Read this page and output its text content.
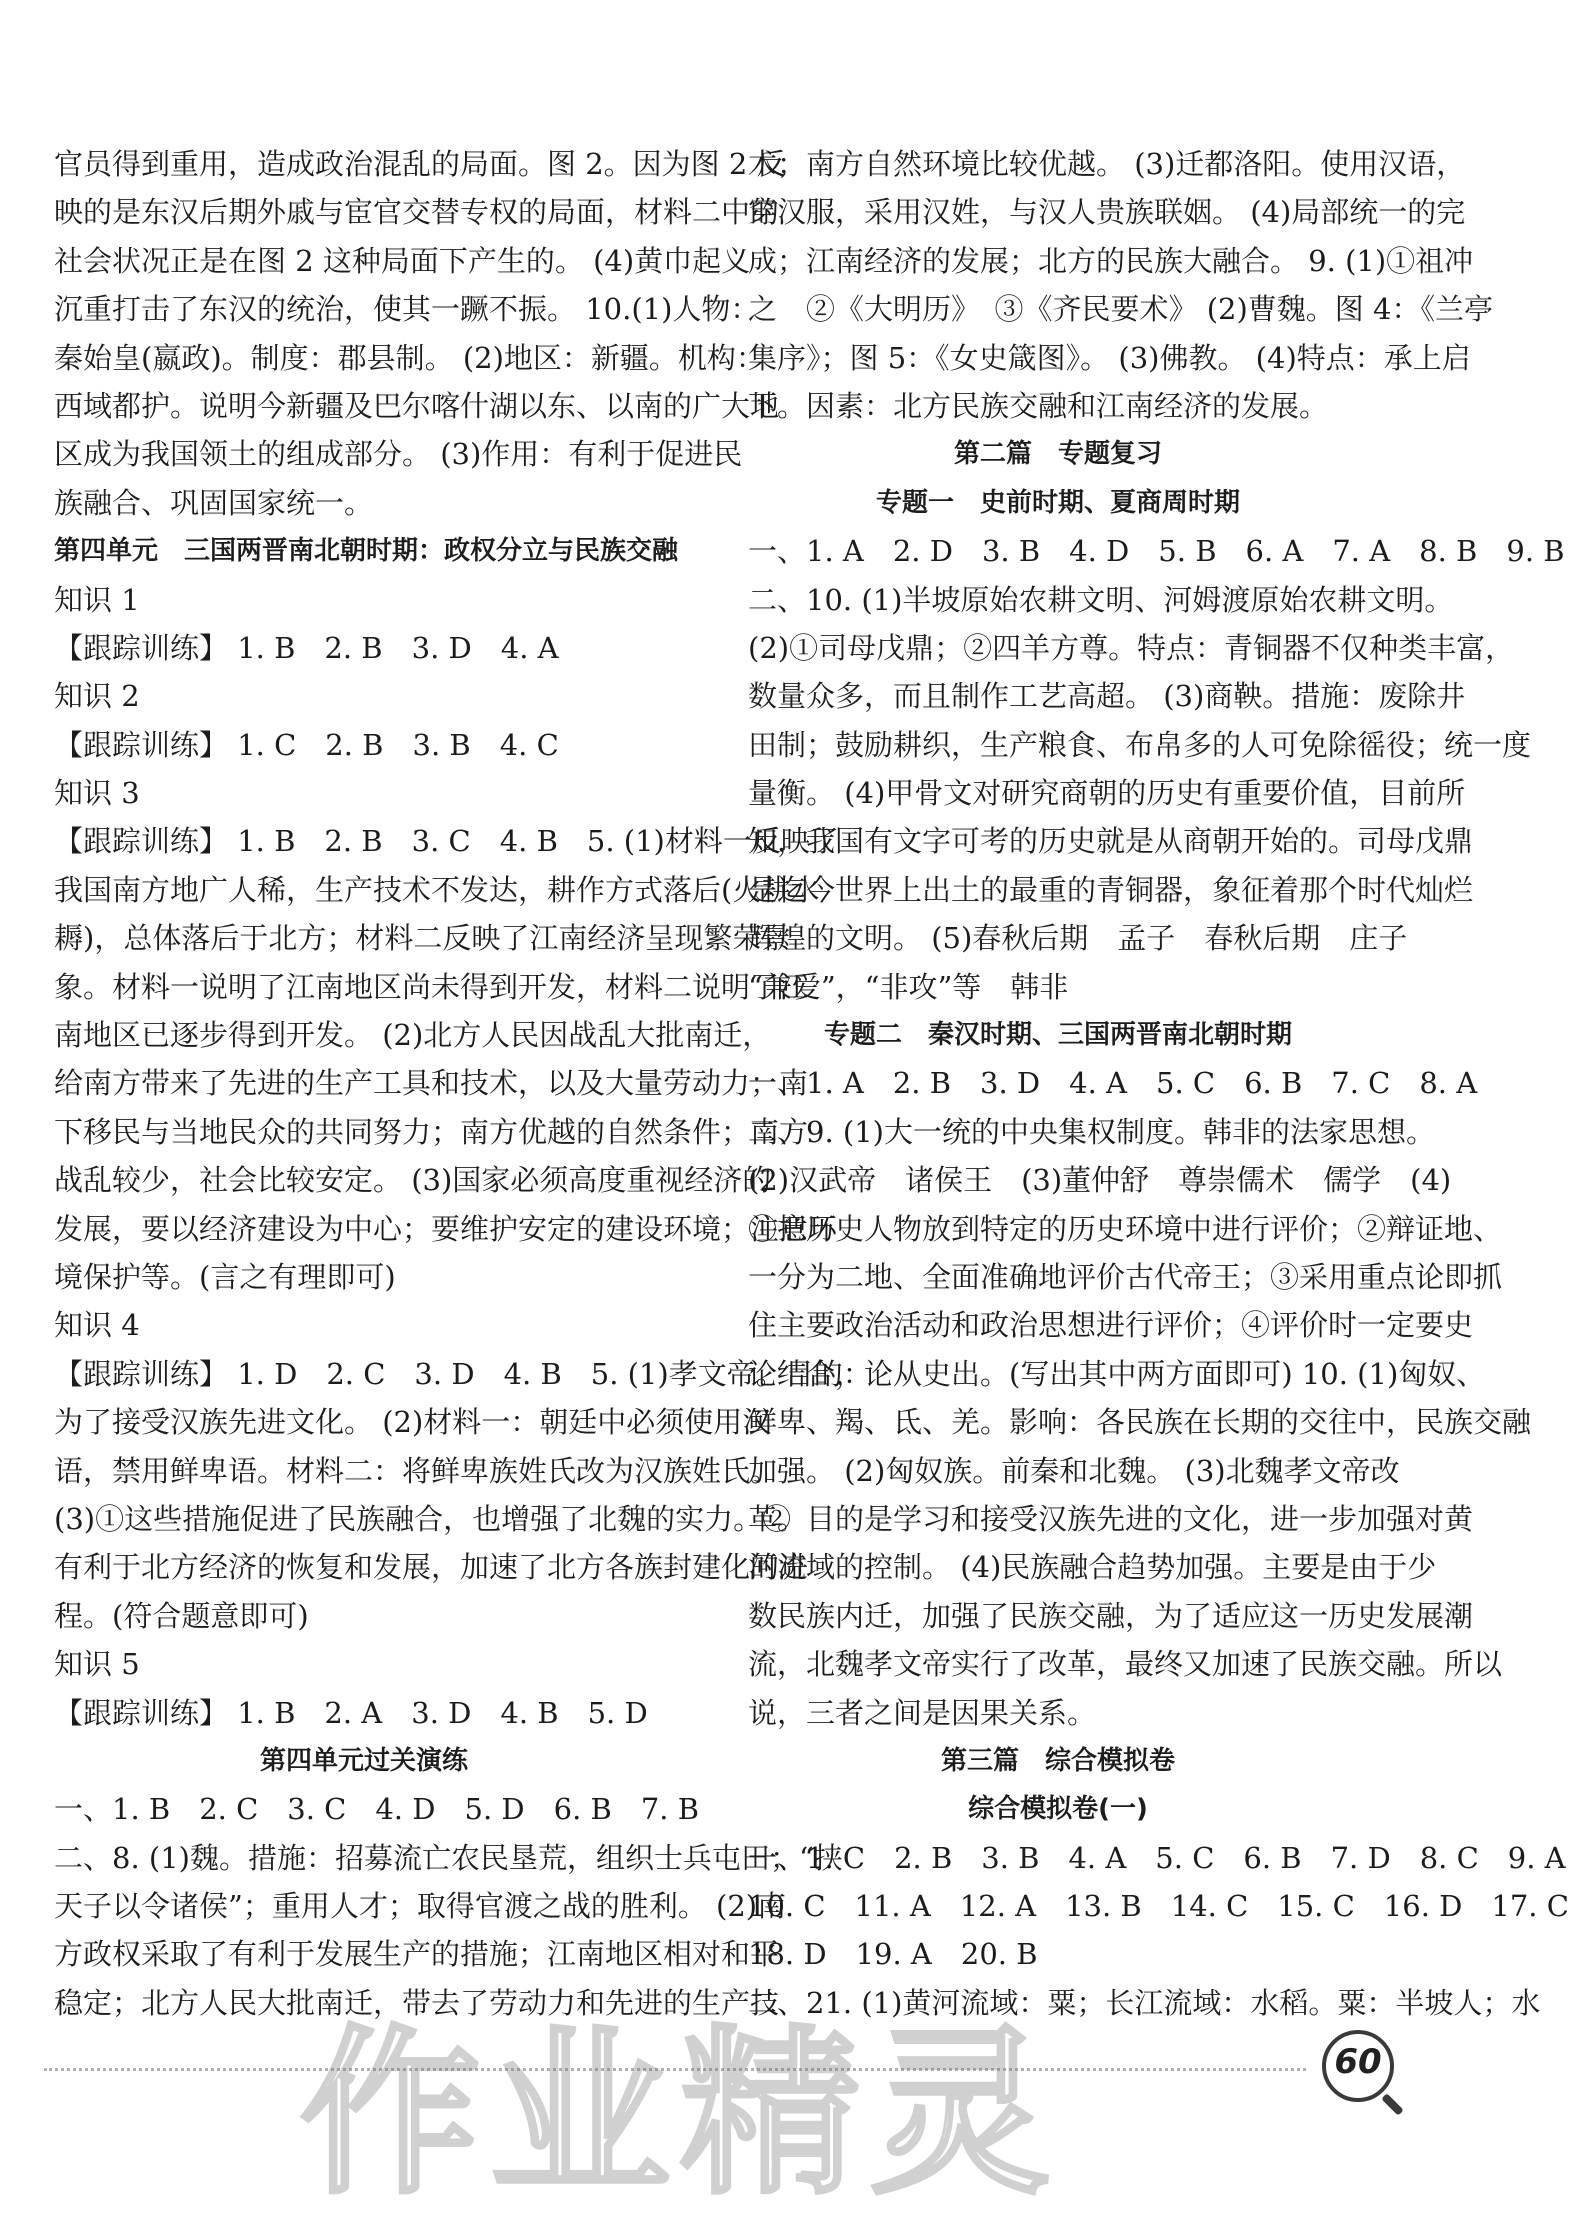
官员得到重用，造成政治混乱的局面。图 2。因为图 2 反
映的是东汉后期外戚与宦官交替专权的局面，材料二中的
社会状况正是在图 2 这种局面下产生的。 (4)黄巾起义
沉重打击了东汉的统治，使其一蹶不振。 10.(1)人物：
秦始皇(嬴政)。制度：郡县制。 (2)地区：新疆。机构：
西域都护。说明今新疆及巴尔喀什湖以东、以南的广大地
区成为我国领土的组成部分。 (3)作用：有利于促进民
族融合、巩固国家统一。
第四单元　三国两晋南北朝时期：政权分立与民族交融
知识 1
【跟踪训练】 1. B　2. B　3. D　4. A
知识 2
【跟踪训练】 1. C　2. B　3. B　4. C
知识 3
【跟踪训练】 1. B　2. B　3. C　4. B　5. (1)材料一反映了
我国南方地广人稀，生产技术不发达，耕作方式落后(火耕水
耨)，总体落后于北方；材料二反映了江南经济呈现繁荣景
象。材料一说明了江南地区尚未得到开发，材料二说明了江
南地区已逐步得到开发。 (2)北方人民因战乱大批南迁，
给南方带来了先进的生产工具和技术，以及大量劳动力；南
下移民与当地民众的共同努力；南方优越的自然条件；南方
战乱较少，社会比较安定。 (3)国家必须高度重视经济的
发展，要以经济建设为中心；要维护安定的建设环境；注意环
境保护等。(言之有理即可)
知识 4
【跟踪训练】 1. D　2. C　3. D　4. B　5. (1)孝文帝。目的：
为了接受汉族先进文化。 (2)材料一：朝廷中必须使用汉
语，禁用鲜卑语。材料二：将鲜卑族姓氏改为汉族姓氏。
(3)①这些措施促进了民族融合，也增强了北魏的实力。②
有利于北方经济的恢复和发展，加速了北方各族封建化的进
程。(符合题意即可)
知识 5
【跟踪训练】 1. B　2. A　3. D　4. B　5. D
第四单元过关演练
一、1. B　2. C　3. C　4. D　5. D　6. B　7. B
二、8. (1)魏。措施：招募流亡农民垦荒，组织士兵屯田；“挟
天子以令诸侯”；重用人才；取得官渡之战的胜利。 (2)南
方政权采取了有利于发展生产的措施；江南地区相对和平
稳定；北方人民大批南迁，带去了劳动力和先进的生产技
术；南方自然环境比较优越。 (3)迁都洛阳。使用汉语，
穿汉服，采用汉姓，与汉人贵族联姻。 (4)局部统一的完
成；江南经济的发展；北方的民族大融合。 9. (1)①祖冲
之　②《大明历》　③《齐民要术》 (2)曹魏。图 4：《兰亭
集序》；图 5：《女史箴图》。 (3)佛教。 (4)特点：承上启
下。因素：北方民族交融和江南经济的发展。
第二篇　专题复习
专题一　史前时期、夏商周时期
一、1. A　2. D　3. B　4. D　5. B　6. A　7. A　8. B　9. B
二、10. (1)半坡原始农耕文明、河姆渡原始农耕文明。
(2)①司母戊鼎；②四羊方尊。特点：青铜器不仅种类丰富，
数量众多，而且制作工艺高超。 (3)商鞅。措施：废除井
田制；鼓励耕织，生产粮食、布帛多的人可免除徭役；统一度
量衡。 (4)甲骨文对研究商朝的历史有重要价值，目前所
知，我国有文字可考的历史就是从商朝开始的。司母戊鼎
是迄今世界上出土的最重的青铜器，象征着那个时代灿烂
辉煌的文明。 (5)春秋后期　孟子　春秋后期　庄子
“兼爱”，“非攻”等　韩非
专题二　秦汉时期、三国两晋南北朝时期
一、1. A　2. B　3. D　4. A　5. C　6. B　7. C　8. A
二、9. (1)大一统的中央集权制度。韩非的法家思想。
(2)汉武帝　诸侯王　(3)董仲舒　尊崇儒术　儒学　(4)
①把历史人物放到特定的历史环境中进行评价；②辩证地、
一分为二地、全面准确地评价古代帝王；③采用重点论即抓
住主要政治活动和政治思想进行评价；④评价时一定要史
论结合，论从史出。(写出其中两方面即可) 10. (1)匈奴、
鲜卑、羯、氐、羌。影响：各民族在长期的交往中，民族交融
加强。 (2)匈奴族。前秦和北魏。 (3)北魏孝文帝改
革。目的是学习和接受汉族先进的文化，进一步加强对黄
河流域的控制。 (4)民族融合趋势加强。主要是由于少
数民族内迁，加强了民族交融，为了适应这一历史发展潮
流，北魏孝文帝实行了改革，最终又加速了民族交融。所以
说，三者之间是因果关系。
第三篇　综合模拟卷
综合模拟卷(一)
一、1. C　2. B　3. B　4. A　5. C　6. B　7. D　8. C　9. A
10. C　11. A　12. A　13. B　14. C　15. C　16. D　17. C
18. D　19. A　20. B
二、21. (1)黄河流域：粟；长江流域：水稻。粟：半坡人；水
作业精灵	60
